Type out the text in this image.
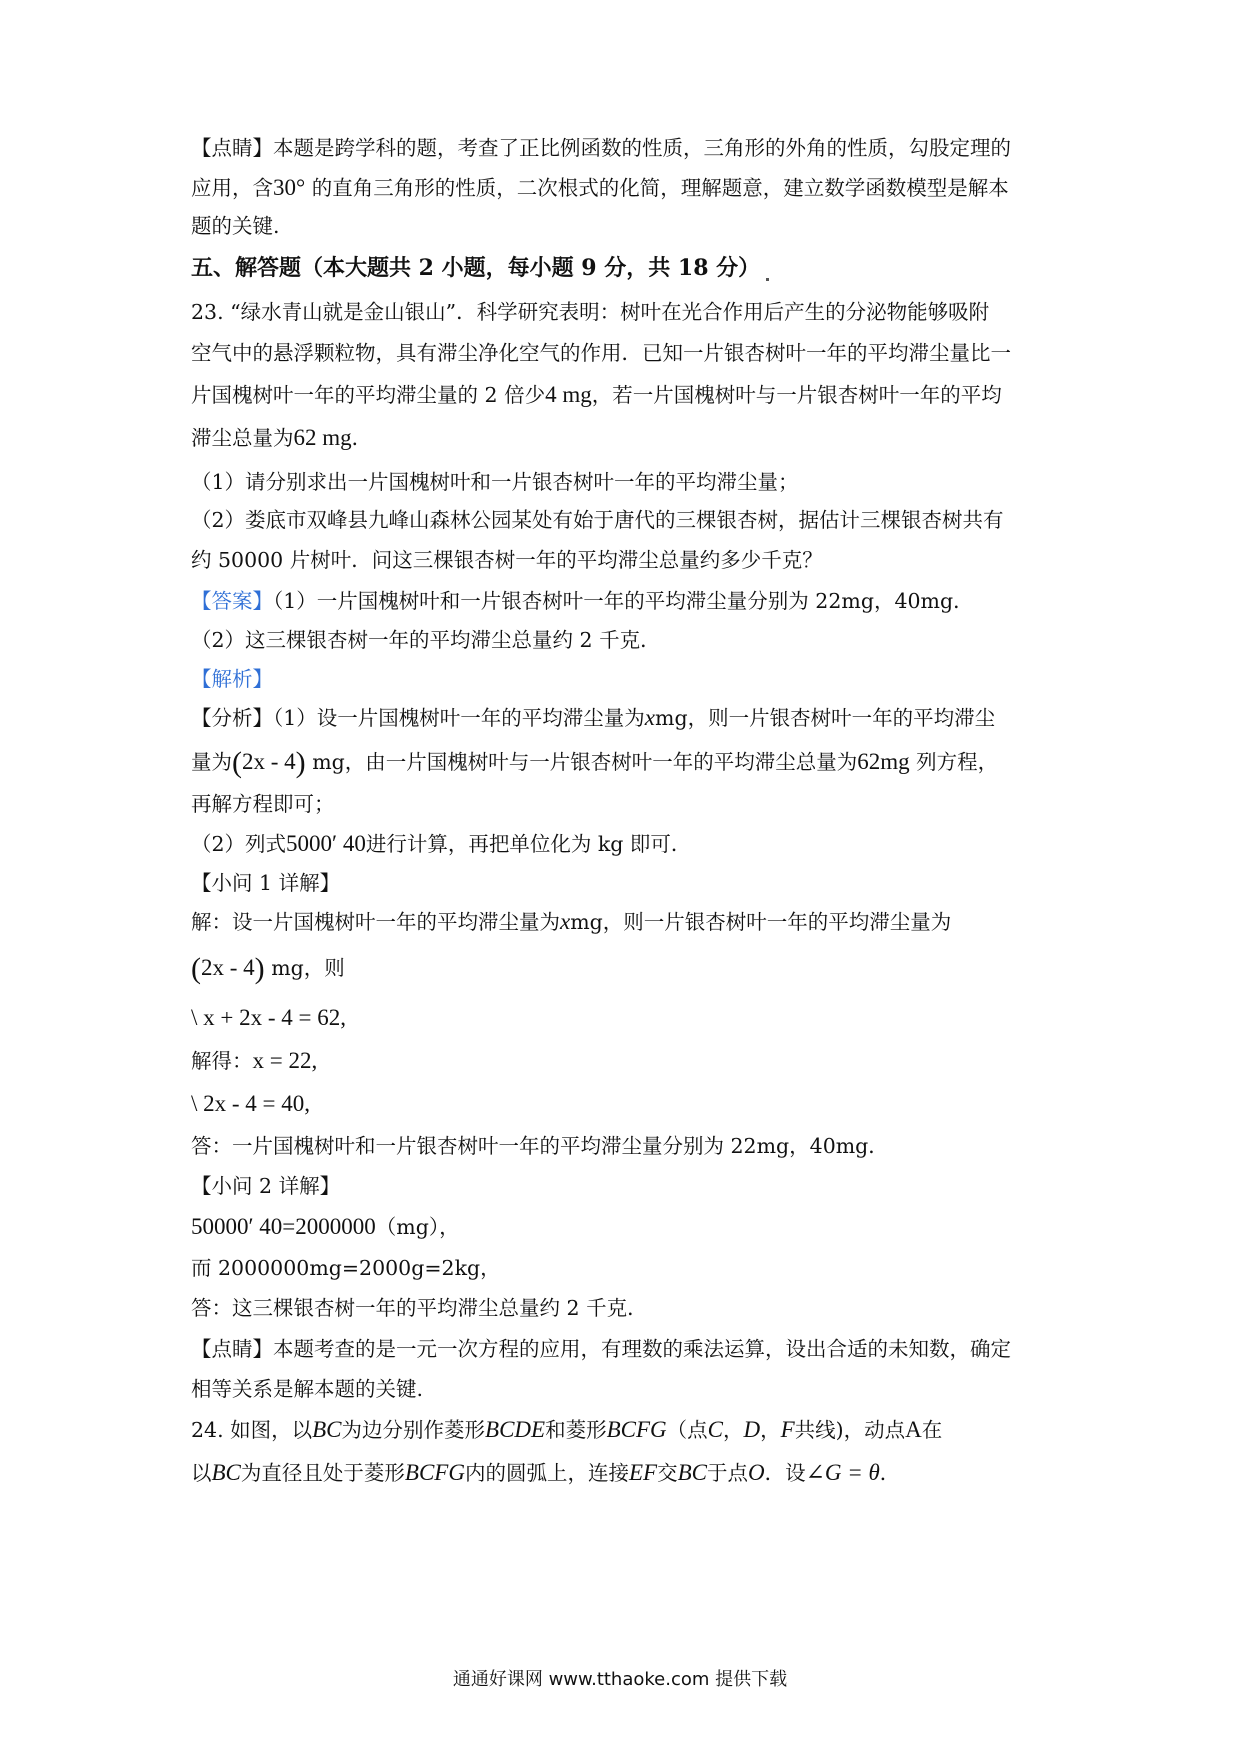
【点睛】本题是跨学科的题，考查了正比例函数的性质，三角形的外角的性质，勾股定理的
应用，含30° 的直角三角形的性质，二次根式的化简，理解题意，建立数学函数模型是解本
题的关键.
五、解答题（本大题共 2 小题，每小题 9 分，共 18 分）
23. “绿水青山就是金山银山”．科学研究表明：树叶在光合作用后产生的分泌物能够吸附
空气中的悬浮颗粒物，具有滞尘净化空气的作用．已知一片银杏树叶一年的平均滞尘量比一
片国槐树叶一年的平均滞尘量的 2 倍少4 mg，若一片国槐树叶与一片银杏树叶一年的平均
滞尘总量为62 mg．
（1）请分别求出一片国槐树叶和一片银杏树叶一年的平均滞尘量；
（2）娄底市双峰县九峰山森林公园某处有始于唐代的三棵银杏树，据估计三棵银杏树共有
约 50000 片树叶．问这三棵银杏树一年的平均滞尘总量约多少千克？
【答案】（1）一片国槐树叶和一片银杏树叶一年的平均滞尘量分别为 22mg，40mg．
（2）这三棵银杏树一年的平均滞尘总量约 2 千克．
【解析】
【分析】（1）设一片国槐树叶一年的平均滞尘量为xmg，则一片银杏树叶一年的平均滞尘
量为(2x - 4) mg，由一片国槐树叶与一片银杏树叶一年的平均滞尘总量为62mg 列方程，
再解方程即可；
（2）列式5000′ 40进行计算，再把单位化为 kg 即可．
【小问 1 详解】
解：设一片国槐树叶一年的平均滞尘量为xmg，则一片银杏树叶一年的平均滞尘量为
(2x - 4) mg，则
\ x + 2x - 4 = 62,
解得：x = 22,
\ 2x - 4 = 40,
答：一片国槐树叶和一片银杏树叶一年的平均滞尘量分别为 22mg，40mg．
【小问 2 详解】
50000′ 40=2000000（mg），
而 2000000mg=2000g=2kg，
答：这三棵银杏树一年的平均滞尘总量约 2 千克．
【点睛】本题考查的是一元一次方程的应用，有理数的乘法运算，设出合适的未知数，确定
相等关系是解本题的关键.
24. 如图，以BC为边分别作菱形BCDE和菱形BCFG（点C，D，F共线)，动点A在
以BC为直径且处于菱形BCFG内的圆弧上，连接EF交BC于点O．设∠G = θ．
通通好课网 www.tthaoke.com 提供下载
